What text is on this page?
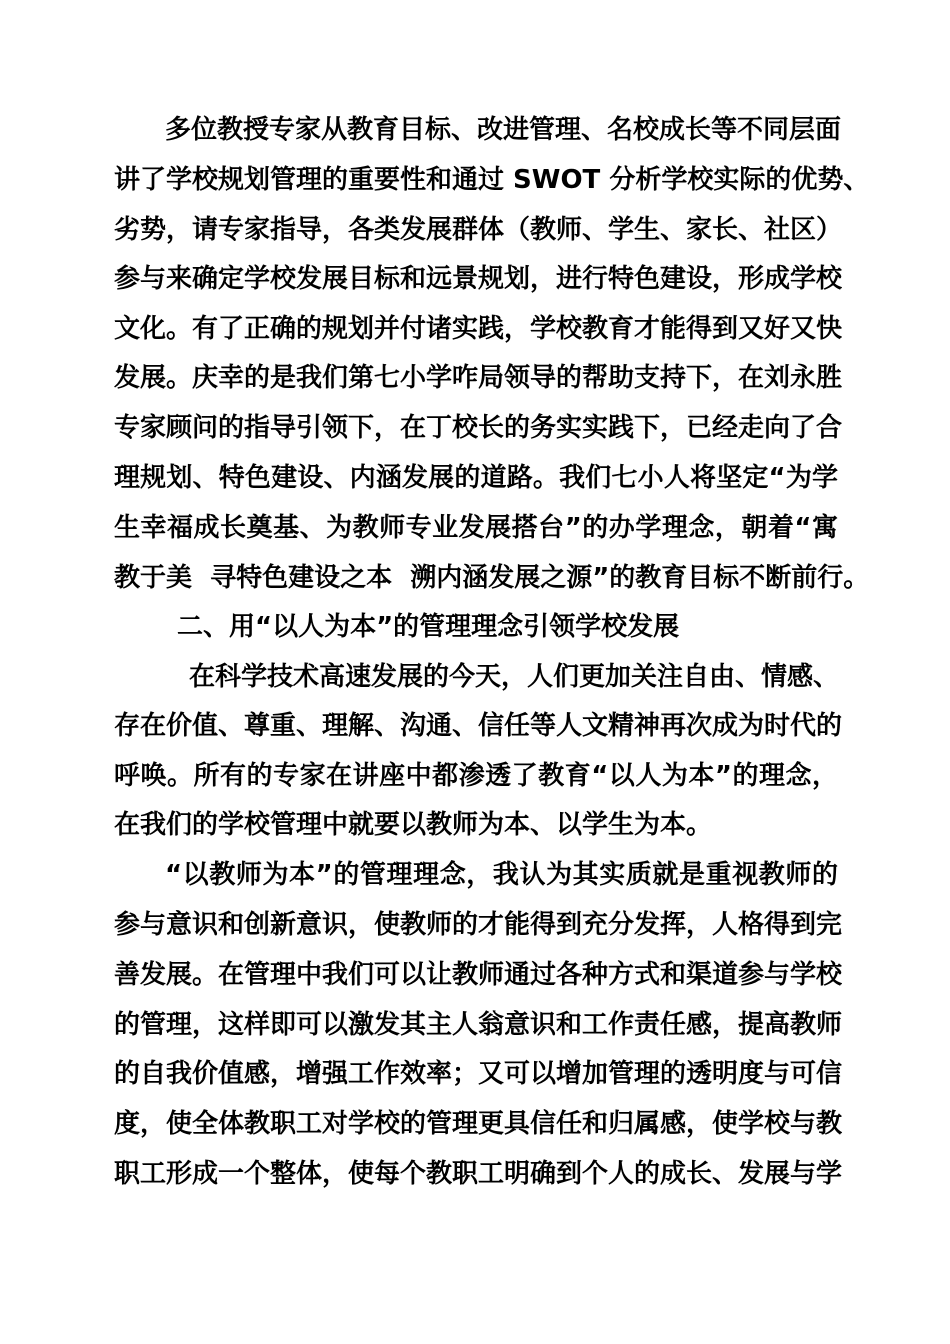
多位教授专家从教育目标、改进管理、名校成长等不同层面
讲了学校规划管理的重要性和通过 SWOT 分析学校实际的优势、
劣势，请专家指导，各类发展群体（教师、学生、家长、社区）
参与来确定学校发展目标和远景规划，进行特色建设，形成学校
文化。有了正确的规划并付诸实践，学校教育才能得到又好又快
发展。庆幸的是我们第七小学咋局领导的帮助支持下，在刘永胜
专家顾问的指导引领下，在丁校长的务实实践下，已经走向了合
理规划、特色建设、内涵发展的道路。我们七小人将坚定“为学
生幸福成长奠基、为教师专业发展搭台”的办学理念，朝着“寓
教于美  寻特色建设之本  溯内涵发展之源”的教育目标不断前行。
二、用“以人为本”的管理理念引领学校发展
在科学技术高速发展的今天，人们更加关注自由、情感、
存在价值、尊重、理解、沟通、信任等人文精神再次成为时代的
呼唤。所有的专家在讲座中都渗透了教育“以人为本”的理念，
在我们的学校管理中就要以教师为本、以学生为本。
“以教师为本”的管理理念，我认为其实质就是重视教师的
参与意识和创新意识，使教师的才能得到充分发挥，人格得到完
善发展。在管理中我们可以让教师通过各种方式和渠道参与学校
的管理，这样即可以激发其主人翁意识和工作责任感，提高教师
的自我价值感，增强工作效率；又可以增加管理的透明度与可信
度，使全体教职工对学校的管理更具信任和归属感，使学校与教
职工形成一个整体，使每个教职工明确到个人的成长、发展与学
